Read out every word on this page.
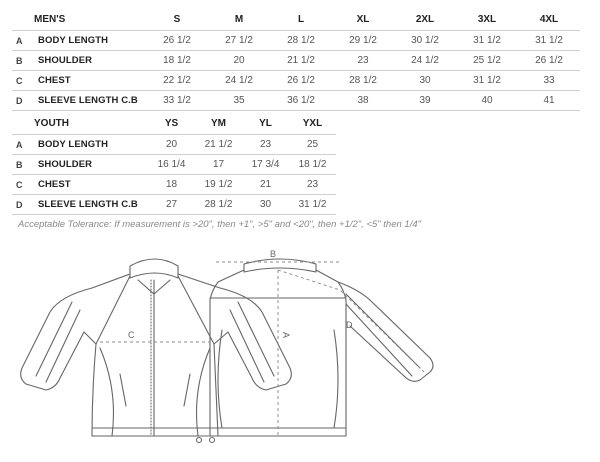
MEN'S		S	M	L	XL	2XL	3XL	4XL
A	BODY LENGTH	26 1/2	27 1/2	28 1/2	29 1/2	30 1/2	31 1/2	31 1/2
B	SHOULDER	18 1/2	20	21 1/2	23	24 1/2	25 1/2	26 1/2
C	CHEST	22 1/2	24 1/2	26 1/2	28 1/2	30	31 1/2	33
D	SLEEVE LENGTH C.B	33 1/2	35	36 1/2	38	39	40	41
YOUTH		YS	YM	YL	YXL
A	BODY LENGTH	20	21 1/2	23	25
B	SHOULDER	16 1/4	17	17 3/4	18 1/2
C	CHEST	18	19 1/2	21	23
D	SLEEVE LENGTH C.B	27	28 1/2	30	31 1/2
Acceptable Tolerance: If measurement is >20", then +1", >5" and <20", then +1/2", <5" then 1/4"
C
B
A
D
